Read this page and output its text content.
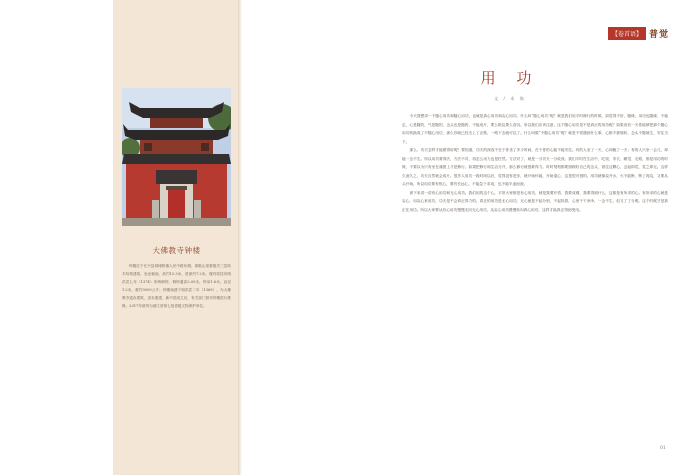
大佛教寺钟楼

钟楼位于长兴县城城桥镇人民中路东侧，系歇山顶重檐式三层砖木结构建筑，坐北朝南，高约15.3米，进深约7.2米，楼内原挂有明洪武七年（1374）所铸铜钟，铜钟通高2.05米，钟身1.6米，直径1.2米，重约3000公斤。钟楼始建于明洪武二年（1369），为大雄教寺遗存建筑，清末重建，新中国成立后，有关部门曾对钟楼进行维修，2017年被列为浙江省第七批省级文物保护单位。

【卷首语】 普觉
用 功
文 / 本 焕

今天我想讲一下随心用功和随心用功，也就是真心用功和妄心用功。什么叫“随心用功”呢？就是我们用平时修行的时候，如觉得不好，随缘，用功也随缘，不稳定，心是随的，气是随的，念头也是随的，不能成片，要么散乱要么昏沉。所以我们应该注意，这个随心用功是不是真正的用功呢？如果说有一天你能够把那个随心用功转换成了不随心用功，那么你就已经走上了正路，一路下去就可以了。什么叫做“不随心用功”呢？就是不管遇到什么事，心都不被境转，念头不随境生，安住当下。

那么，功夫怎样才能做得好呢？要知道，功夫的深浅不在于你坐了多少时间，在于你的心能不能安住。有的人坐了一天，心却跑了一天；有的人只坐一会儿，却能一念不生。所以用功要得法，方法不对，再怎么用力也是枉然。方法对了，就是一分功夫一分收获。我们平时在生活中，吃饭、穿衣、睡觉、走路，都是用功的时候，不要以为只有坐在蒲团上才是修行。如果把修行和生活分开，那么修行就很难得力。时时刻刻都要照顾好自己的念头，看住这颗心，念起即觉，觉之即无。这样久而久之，功夫自然就会成片。很多人用功一段时间以后，觉得没有进步，就开始怀疑，开始退心，这是很可惜的。用功就像烧开水，火不能断，断了再烧，又要从头开始。所以用功要有恒心，要有长远心，不能急于求成，也不能半途而废。

被下来讲一讲有心用功和无心用功。我们用的这个心，平常大家都是有心用功，就是我要开悟、我要成佛、我要得到什么，这都是有所求的心。有所求的心就是妄心，用妄心来用功，功夫是不会真正得力的。真正的用功是无心用功，无心就是不起分别、不起执着，心里干干净净，一念不生，但又了了分明。这个时候才是真正在用功。所以大家要从有心用功慢慢走向无心用功，从妄心用功慢慢转向真心用功，这样才能真正得到受用。

01
